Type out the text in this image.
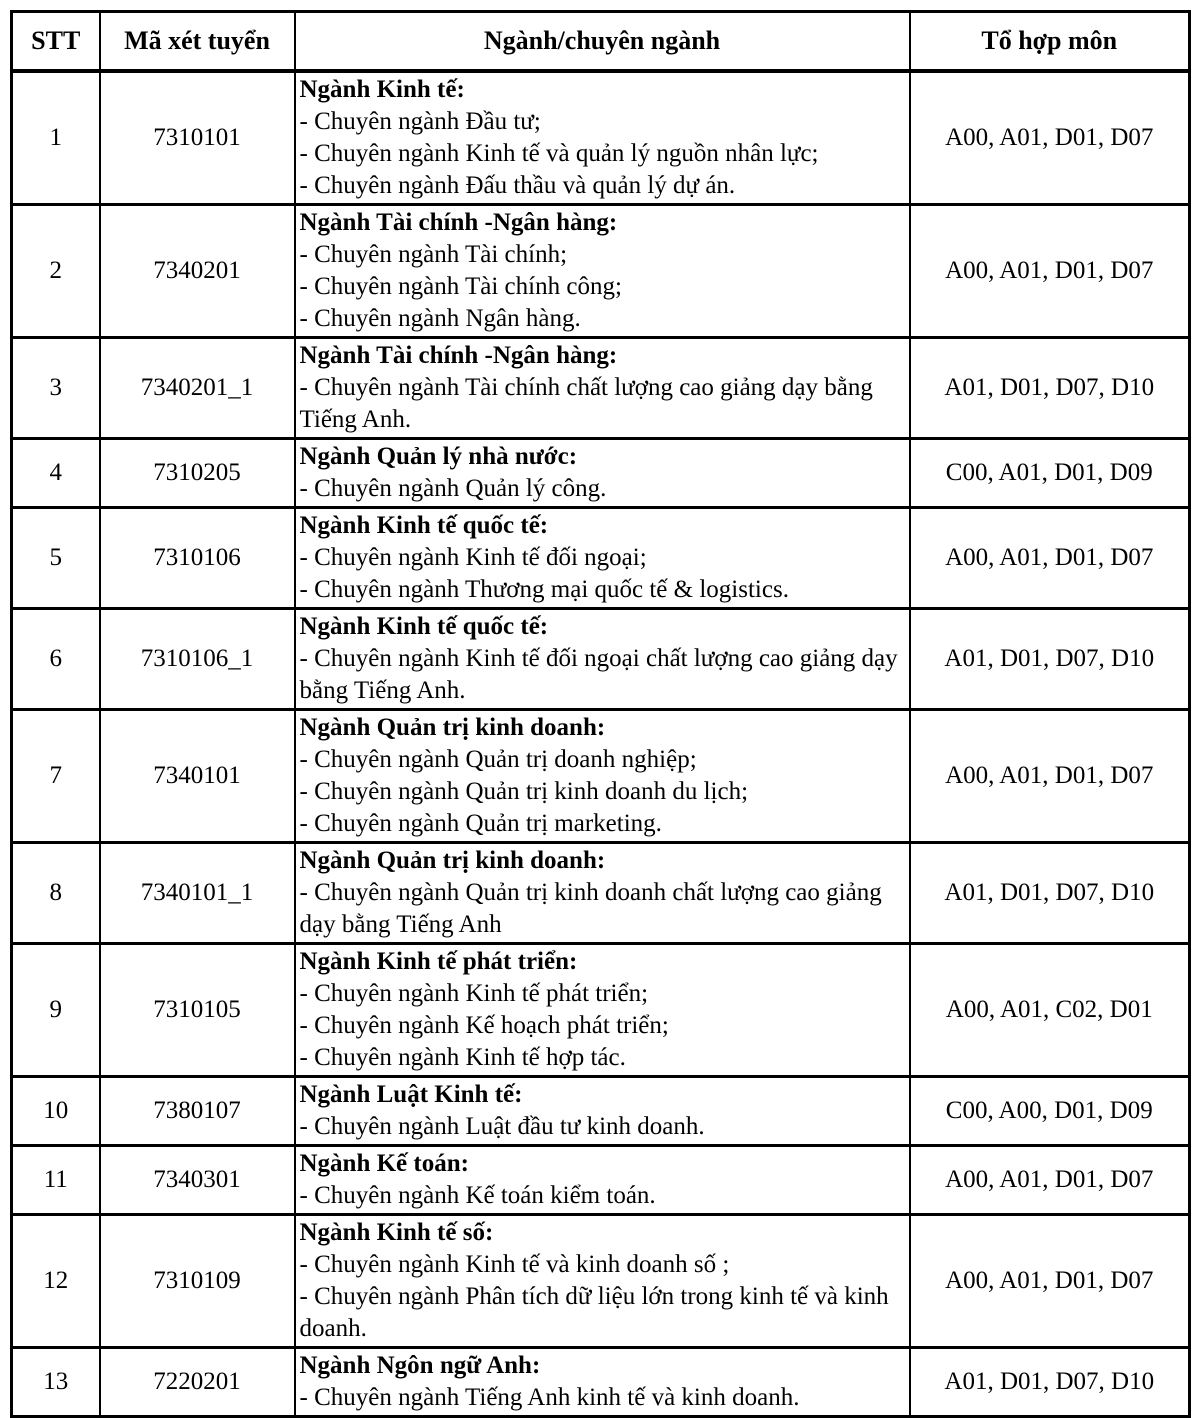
STT	Mã xét tuyển	Ngành/chuyên ngành	Tổ hợp môn
1	7310101	Ngành Kinh tế:
- Chuyên ngành Đầu tư;
- Chuyên ngành Kinh tế và quản lý nguồn nhân lực;
- Chuyên ngành Đấu thầu và quản lý dự án.	A00, A01, D01, D07
2	7340201	Ngành Tài chính -Ngân hàng:
- Chuyên ngành Tài chính;
- Chuyên ngành Tài chính công;
- Chuyên ngành Ngân hàng.	A00, A01, D01, D07
3	7340201_1	Ngành Tài chính -Ngân hàng:
- Chuyên ngành Tài chính chất lượng cao giảng dạy bằng Tiếng Anh.	A01, D01, D07, D10
4	7310205	Ngành Quản lý nhà nước:
- Chuyên ngành Quản lý công.	C00, A01, D01, D09
5	7310106	Ngành Kinh tế quốc tế:
- Chuyên ngành Kinh tế đối ngoại;
- Chuyên ngành Thương mại quốc tế & logistics.	A00, A01, D01, D07
6	7310106_1	Ngành Kinh tế quốc tế:
- Chuyên ngành Kinh tế đối ngoại chất lượng cao giảng dạy bằng Tiếng Anh.	A01, D01, D07, D10
7	7340101	Ngành Quản trị kinh doanh:
- Chuyên ngành Quản trị doanh nghiệp;
- Chuyên ngành Quản trị kinh doanh du lịch;
- Chuyên ngành Quản trị marketing.	A00, A01, D01, D07
8	7340101_1	Ngành Quản trị kinh doanh:
- Chuyên ngành Quản trị kinh doanh chất lượng cao giảng dạy bằng Tiếng Anh	A01, D01, D07, D10
9	7310105	Ngành Kinh tế phát triển:
- Chuyên ngành Kinh tế phát triển;
- Chuyên ngành Kế hoạch phát triển;
- Chuyên ngành Kinh tế hợp tác.	A00, A01, C02, D01
10	7380107	Ngành Luật Kinh tế:
- Chuyên ngành Luật đầu tư kinh doanh.	C00, A00, D01, D09
11	7340301	Ngành Kế toán:
- Chuyên ngành Kế toán kiểm toán.	A00, A01, D01, D07
12	7310109	Ngành Kinh tế số:
- Chuyên ngành Kinh tế và kinh doanh số ;
- Chuyên ngành Phân tích dữ liệu lớn trong kinh tế và kinh doanh.	A00, A01, D01, D07
13	7220201	Ngành Ngôn ngữ Anh:
- Chuyên ngành Tiếng Anh kinh tế và kinh doanh.	A01, D01, D07, D10
